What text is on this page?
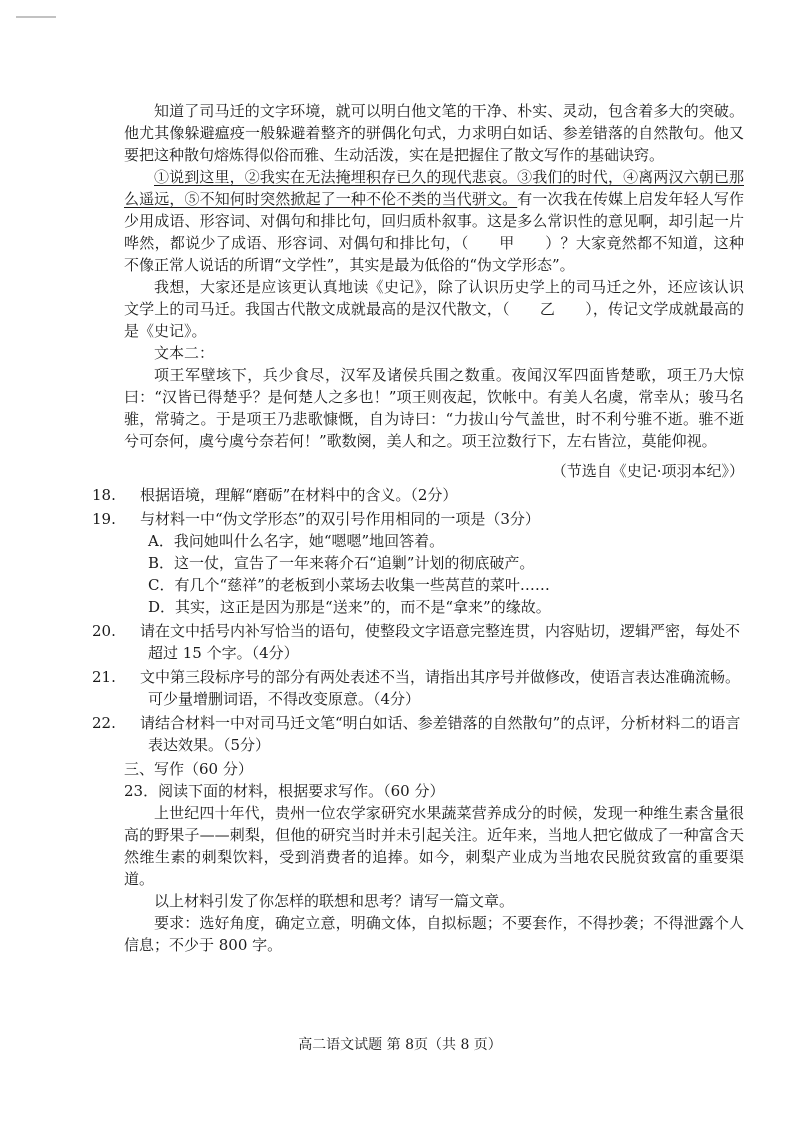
知道了司马迁的文字环境，就可以明白他文笔的干净、朴实、灵动，包含着多大的突破。他尤其像躲避瘟疫一般躲避着整齐的骈偶化句式，力求明白如话、参差错落的自然散句。他又要把这种散句熔炼得似俗而雅、生动活泼，实在是把握住了散文写作的基础诀窍。

①说到这里，②我实在无法掩埋积存已久的现代悲哀。③我们的时代，④离两汉六朝已那么遥远，⑤不知何时突然掀起了一种不伦不类的当代骈文。有一次我在传媒上启发年轻人写作少用成语、形容词、对偶句和排比句，回归质朴叙事。这是多么常识性的意见啊，却引起一片哗然，都说少了成语、形容词、对偶句和排比句，（　　甲　　）？大家竟然都不知道，这种不像正常人说话的所谓“文学性”，其实是最为低俗的“伪文学形态”。

我想，大家还是应该更认真地读《史记》，除了认识历史学上的司马迁之外，还应该认识文学上的司马迁。我国古代散文成就最高的是汉代散文，（　　乙　　），传记文学成就最高的是《史记》。

文本二：

项王军壁垓下，兵少食尽，汉军及诸侯兵围之数重。夜闻汉军四面皆楚歌，项王乃大惊曰：“汉皆已得楚乎？是何楚人之多也！”项王则夜起，饮帐中。有美人名虞，常幸从；骏马名骓，常骑之。于是项王乃悲歌慷慨，自为诗曰：“力拔山兮气盖世，时不利兮骓不逝。骓不逝兮可奈何，虞兮虞兮奈若何！”歌数阕，美人和之。项王泣数行下，左右皆泣，莫能仰视。

（节选自《史记·项羽本纪》）

18. 根据语境，理解“磨砺”在材料中的含义。（2分）

19. 与材料一中“伪文学形态”的双引号作用相同的一项是（3分）

A．我问她叫什么名字，她“嗯嗯”地回答着。

B．这一仗，宣告了一年来蒋介石“追剿”计划的彻底破产。

C．有几个“慈祥”的老板到小菜场去收集一些莴苣的菜叶……

D．其实，这正是因为那是“送来”的，而不是“拿来”的缘故。

20. 请在文中括号内补写恰当的语句，使整段文字语意完整连贯，内容贴切，逻辑严密，每处不超过 15 个字。（4分）

21. 文中第三段标序号的部分有两处表述不当，请指出其序号并做修改，使语言表达准确流畅。可少量增删词语，不得改变原意。（4分）

22. 请结合材料一中对司马迁文笔“明白如话、参差错落的自然散句”的点评，分析材料二的语言表达效果。（5分）

三、写作（60 分）

23．阅读下面的材料，根据要求写作。（60 分）

上世纪四十年代，贵州一位农学家研究水果蔬菜营养成分的时候，发现一种维生素含量很高的野果子——刺梨，但他的研究当时并未引起关注。近年来，当地人把它做成了一种富含天然维生素的刺梨饮料，受到消费者的追捧。如今，刺梨产业成为当地农民脱贫致富的重要渠道。

以上材料引发了你怎样的联想和思考？请写一篇文章。

要求：选好角度，确定立意，明确文体，自拟标题；不要套作，不得抄袭；不得泄露个人信息；不少于 800 字。

高二语文试题 第 8页（共 8 页）
